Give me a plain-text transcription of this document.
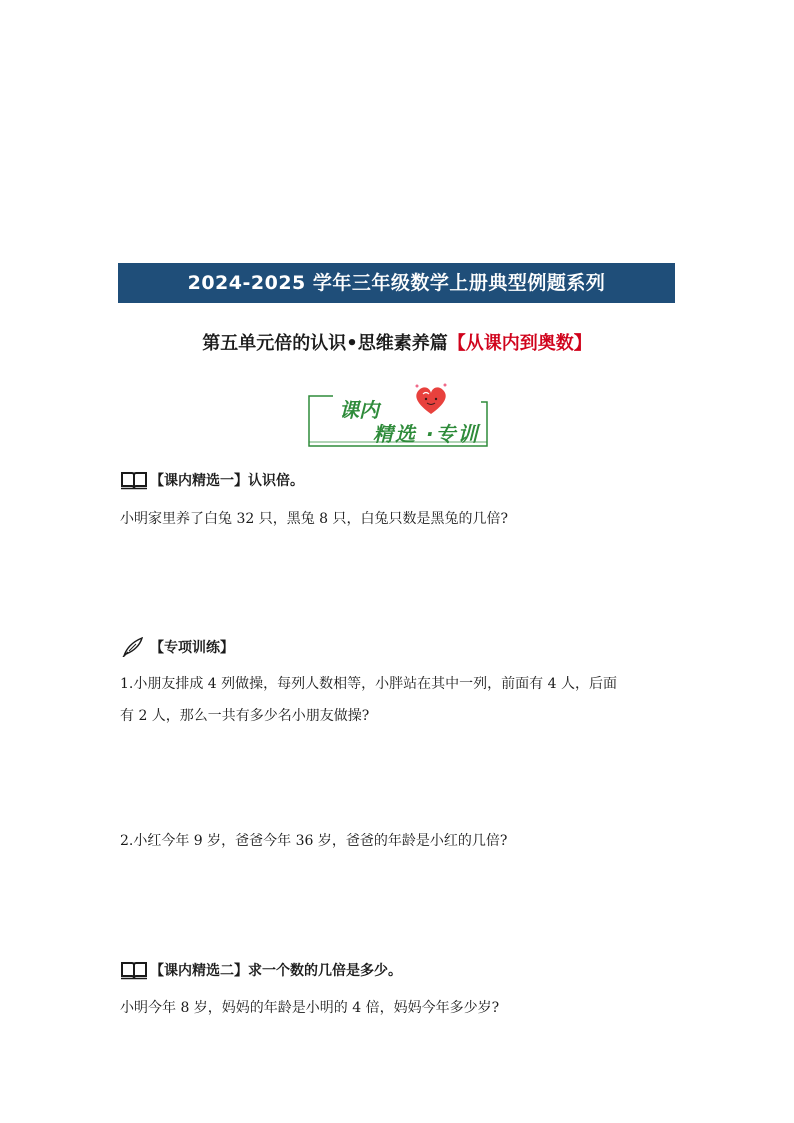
2024-2025 学年三年级数学上册典型例题系列
第五单元倍的认识•思维素养篇【从课内到奥数】
课内
精选 ·专训
【课内精选一】认识倍。
小明家里养了白兔 32 只，黑兔 8 只，白兔只数是黑兔的几倍?
【专项训练】
1.小朋友排成 4 列做操，每列人数相等，小胖站在其中一列，前面有 4 人，后面
有 2 人，那么一共有多少名小朋友做操?
2.小红今年 9 岁，爸爸今年 36 岁，爸爸的年龄是小红的几倍?
【课内精选二】求一个数的几倍是多少。
小明今年 8 岁，妈妈的年龄是小明的 4 倍，妈妈今年多少岁?
